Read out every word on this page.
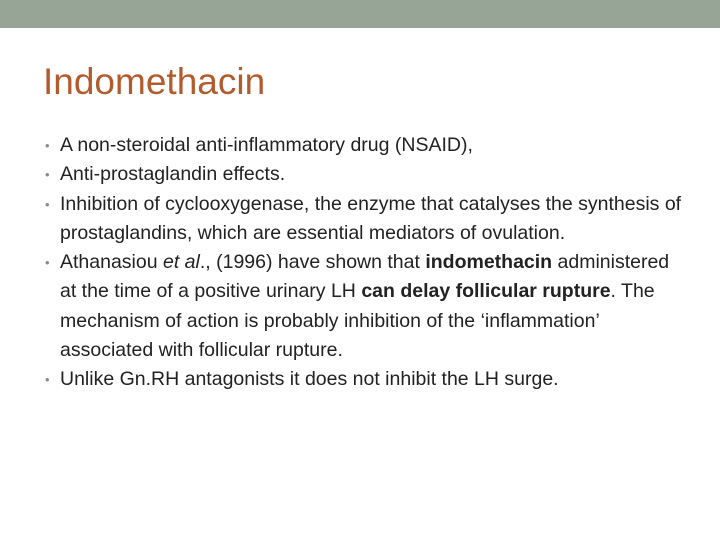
Indomethacin
• A non-steroidal anti-inflammatory drug (NSAID),
• Anti-prostaglandin effects.
• Inhibition of cyclooxygenase, the enzyme that catalyses the synthesis of prostaglandins, which are essential mediators of ovulation.
• Athanasiou et al., (1996) have shown that indomethacin administered at the time of a positive urinary LH can delay follicular rupture. The mechanism of action is probably inhibition of the ‘inflammation’ associated with follicular rupture.
• Unlike Gn.RH antagonists it does not inhibit the LH surge.
